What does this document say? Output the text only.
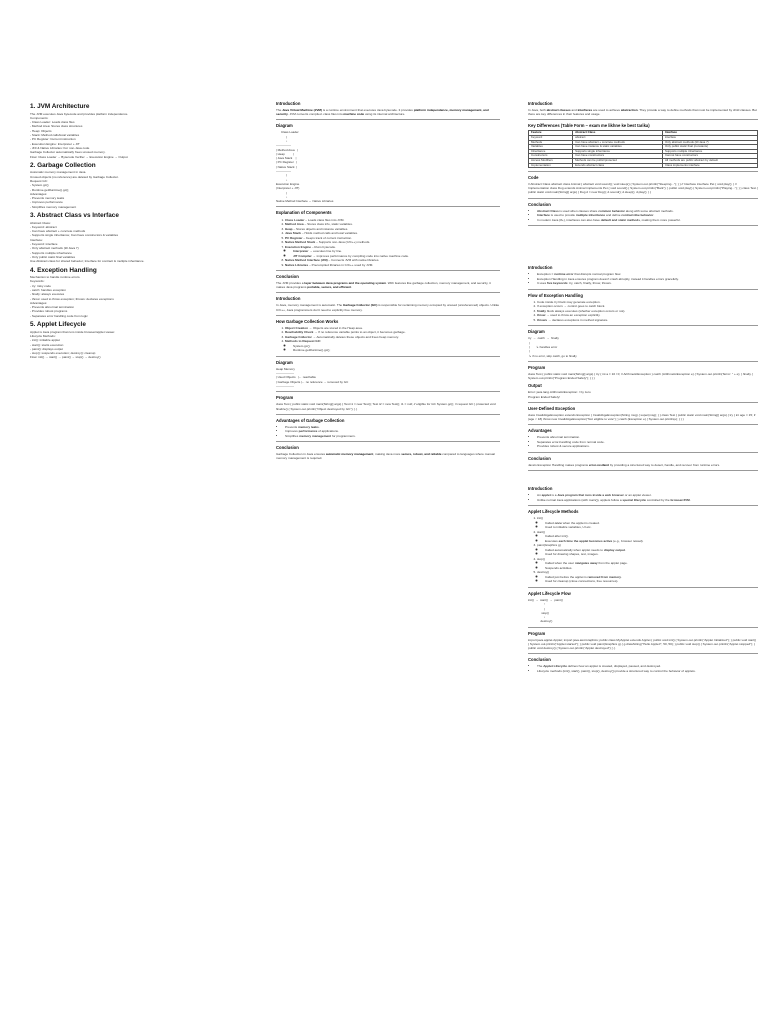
1. JVM Architecture
The JVM executes Java bytecode and provides platform independence.
Components:
- Class Loader: Loads class files
- Method Area: Stores class structures
- Heap: Objects
- Stack: Method calls/local variables
- PC Register: Current instruction
- Execution Engine: Interpreter + JIT
- JNI & Native Libraries: For non-Java code
Garbage Collector automatically frees unused memory.
Flow: Class Loader → Bytecode Verifier → Execution Engine → Output
2. Garbage Collection
Automatic memory management in Java.
Unused objects (no reference) are deleted by Garbage Collector.
Request GC:
- System.gc();
- Runtime.getRuntime().gc();
Advantages:
- Prevents memory leaks
- Improves performance
- Simplifies memory management
3. Abstract Class vs Interface
Abstract Class:
- Keyword: abstract
- Can have abstract + concrete methods
- Supports single inheritance; Can have constructors & variables
Interface:
- Keyword: interface
- Only abstract methods (till Java 7)
- Supports multiple inheritance
- Only public static final variables
Use Abstract class for shared behavior; Interface for contract & multiple inheritance.
4. Exception Handling
Mechanism to handle runtime errors.
Keywords:
- try: risky code
- catch: handles exception
- finally: always executes
- throw: used to throw exception; throws: declares exceptions
Advantages:
- Prevents abnormal termination
- Provides robust programs
- Separates error handling code from logic
5. Applet Lifecycle
Applet is Java program that runs inside browser/applet viewer.
Lifecycle Methods:
- init(): initialize applet
- start(): starts execution
- paint(): displays output
- stop(): suspends execution; destroy(): cleanup
Flow: init() → start() → paint() → stop() → destroy()
Introduction

The Java Virtual Machine (JVM) is a runtime environment that executes Java bytecode. It provides platform independence, memory management, and security. JVM converts compiled .class files into machine code using its internal architecture.

Diagram
Class Loader
|
↓
---------------
| Method Area   |
| Heap          |
| Java Stack    |
| PC Register   |
| Native Stack  |
---------------
|
↓
Execution Engine
(Interpreter + JIT)
|
↓
Native Method Interface ↔ Native Libraries
Explanation of Components
1. Class Loader – Loads class files into JVM.
2. Method Area – Stores class info, static variables.
3. Heap – Stores objects and instance variables.
4. Java Stack – Holds method calls and local variables.
5. PC Register – Keeps track of current instruction.
6. Native Method Stack – Supports non-Java (C/C++) methods.
7. Execution Engine – Runs bytecode.
◦ Interpreter → executes line by line.
◦ JIT Compiler → improves performance by compiling code into native machine code.
8. Native Method Interface (JNI) – Connects JVM with native libraries.
9. Native Libraries – Precompiled libraries in C/C++ used by JVM.
Conclusion

The JVM provides a layer between Java programs and the operating system. With features like garbage collection, memory management, and security, it makes Java programs portable, secure, and efficient.

Introduction

In Java, memory management is automatic. The Garbage Collector (GC) is responsible for reclaiming memory occupied by unused (unreferenced) objects. Unlike C/C++, Java programmers don't need to explicitly free memory.

How Garbage Collection Works
1. Object Creation → Objects are stored in the Heap area.
2. Reachability Check → If no reference variable points to an object, it becomes garbage.
3. Garbage Collector → Automatically deletes these objects and frees heap memory.
4. Methods to Request GC:
◦ System.gc();
◦ Runtime.getRuntime().gc();
Diagram
Heap Memory
------------------
| Used Objects   |← reachable
| Garbage Objects |← no reference → removed by GC
------------------
Program

class Test { public static void main(String[] args) { Test t1 = new Test(); Test t2 = new Test(); t1 = null; // eligible for GC System.gc(); // request GC } protected void finalize() { System.out.println("Object destroyed by GC"); } }

Advantages of Garbage Collection
• Prevents memory leaks.
• Improves performance of applications.
• Simplifies memory management for programmers.
Conclusion

Garbage Collection in Java ensures automatic memory management, making Java more secure, robust, and reliable compared to languages where manual memory management is required.

Introduction

In Java, both abstract classes and interfaces are used to achieve abstraction. They provide a way to define methods that must be implemented by child classes. But there are key differences in their features and usage.

Key Differences (Table Form – exam me likhne ke best tarika)
Feature	Abstract Class	Interface
Keyword	abstract	interface
Methods	Can have abstract + concrete methods	Only abstract methods (till Java 7)
Variables	Can have instance & static variables	Only public static final (constants)
Inheritance	Supports single inheritance	Supports multiple inheritance
Constructors	Can have constructors	Cannot have constructors
Access Modifiers	Methods can be public/protected	All methods are public abstract by default
Implementation	Extends abstract class	Class implements interface
Code

// Abstract Class abstract class Animal { abstract void sound(); void sleep() { System.out.println("Sleeping..."); } } // Interface interface Pet { void play(); } // Implementation class Dog extends Animal implements Pet { void sound() { System.out.println("Bark"); } public void play() { System.out.println("Playing..."); } } class Test { public static void main(String[] args) { Dog d = new Dog(); d.sound(); d.sleep(); d.play(); } }

Conclusion
• Abstract Class is used when classes share common behavior along with some abstract methods.
• Interface is used to provide multiple inheritance and define contract-like behavior.
• In modern Java (8+), interfaces can also have default and static methods, making them more powerful.
Introduction
• Exception = runtime error that disrupts normal program flow.
• Exception Handling in Java ensures program doesn't crash abruptly, instead it handles errors gracefully.
• It uses five keywords: try, catch, finally, throw, throws.
Flow of Exception Handling
1. Code inside try block may generate exception.
2. If exception occurs → control goes to catch block.
3. finally block always executes (whether exception occurs or not).
4. throw → used to throw an exception explicitly.
5. throws → declares exceptions in method signature.
Diagram
try  →  catch  →  finally
|
|        ↳ handles error
|
↳ if no error, skip catch, go to finally
Program

class Test { public static void main(String[] args) { try { int a = 10 / 0; // ArithmeticException } catch (ArithmeticException e) { System.out.println("Error: " + e); } finally { System.out.println("Program Ended Safely"); } } }

Output
Error: java.lang.ArithmeticException: / by zero
Program Ended Safely!
User-Defined Exception

class InvalidAgeException extends Exception { InvalidAgeException(String msg) { super(msg); } } class Test { public static void main(String[] args) { try { int age = 15; if (age < 18) throw new InvalidAgeException("Not eligible to vote"); } catch (Exception e) { System.out.println(e); } } }

Advantages
• Prevents abnormal termination.
• Separates error-handling code from normal code.
• Provides robust & secure applications.
Conclusion

Java's Exception Handling makes programs error-resilient by providing a structured way to detect, handle, and recover from runtime errors.

Introduction
• An applet is a Java program that runs inside a web browser or an applet viewer.
• Unlike normal Java applications (with main()), applets follow a special lifecycle controlled by the browser/JVM.
Applet Lifecycle Methods
1. init()
◦ Called once when the applet is created.
◦ Used to initialize variables, UI etc.
2. start()
◦ Called after init().
◦ Executes each time the applet becomes active (e.g., browser reload).
3. paint(Graphics g)
◦ Called automatically when applet needs to display output.
◦ Used for drawing shapes, text, images.
4. stop()
◦ Called when the user navigates away from the applet page.
◦ Suspends activities.
5. destroy()
◦ Called just before the applet is removed from memory.
◦ Used for cleanup (close connections, free resources).
Applet Lifecycle Flow
init()  →  start()  →  paint()
↑
|
stop()
↓
destroy()
Program

import java.applet.Applet; import java.awt.Graphics; public class MyApplet extends Applet { public void init() { System.out.println("Applet Initialized"); } public void start() { System.out.println("Applet started"); } public void paint(Graphics g) { g.drawString("Hello Applet!", 50, 50); } public void stop() { System.out.println("Applet stopped"); } public void destroy() { System.out.println("Applet destroyed"); } }

Conclusion
• The Applet Lifecycle defines how an applet is created, displayed, paused, and destroyed.
• Lifecycle methods (init(), start(), paint(), stop(), destroy()) provide a structured way to control the behavior of applets.
